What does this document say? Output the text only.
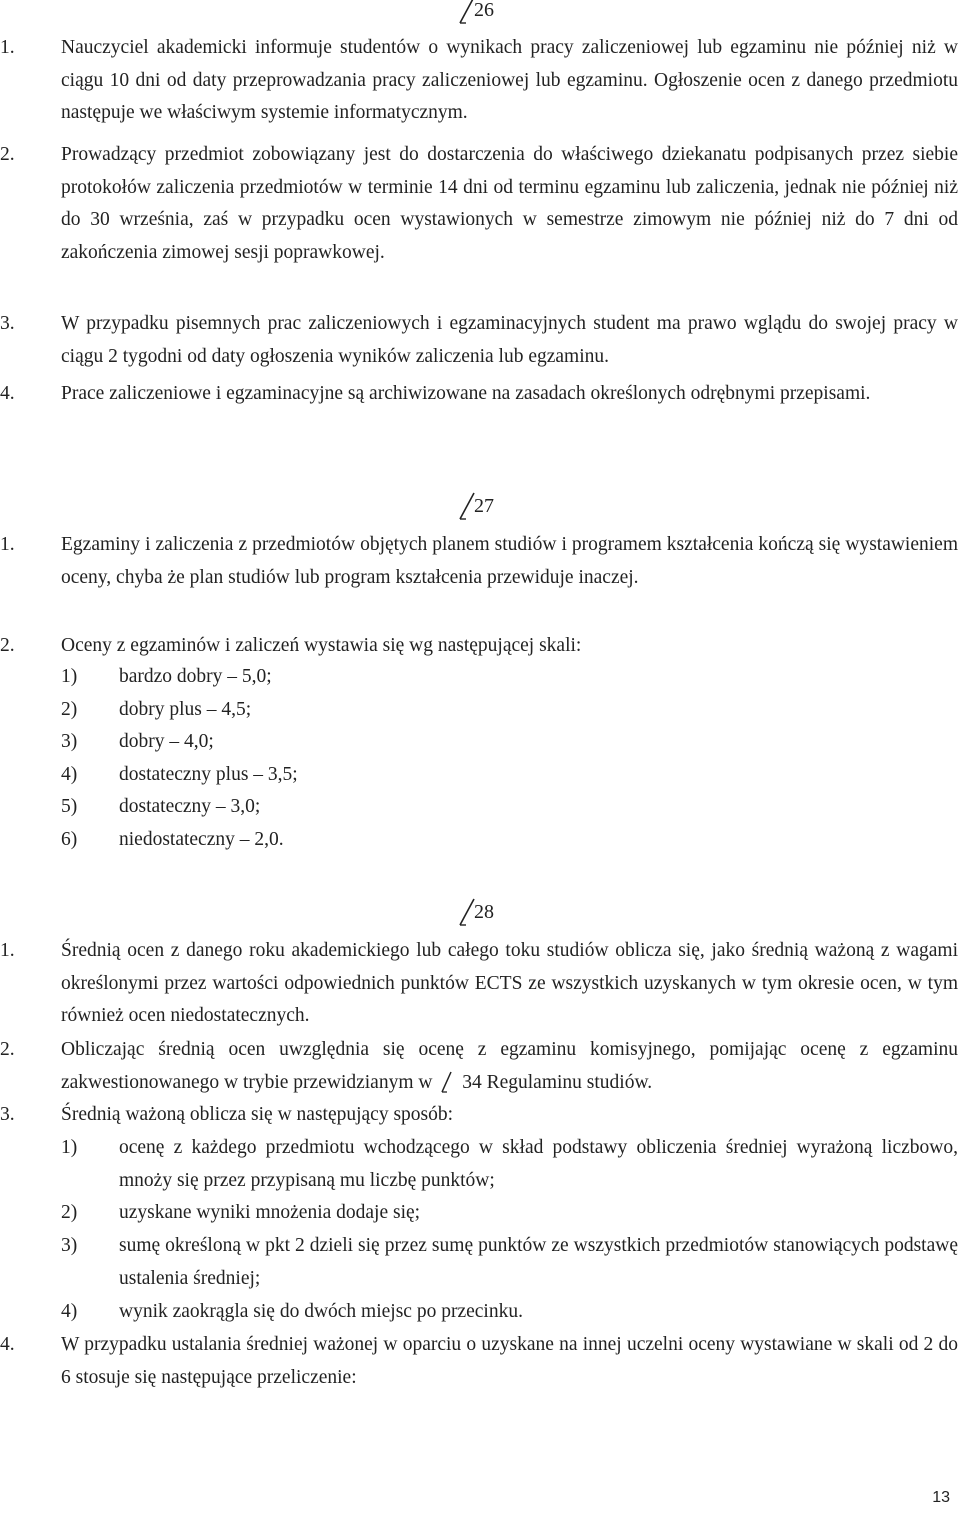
26
1. Nauczyciel akademicki informuje studentów o wynikach pracy zaliczeniowej lub egzaminu nie później niż w ciągu 10 dni od daty przeprowadzania pracy zaliczeniowej lub egzaminu. Ogłoszenie ocen z danego przedmiotu następuje we właściwym systemie informatycznym.
2. Prowadzący przedmiot zobowiązany jest do dostarczenia do właściwego dziekanatu podpisanych przez siebie protokołów zaliczenia przedmiotów w terminie 14 dni od terminu egzaminu lub zaliczenia, jednak nie później niż do 30 września, zaś w przypadku ocen wystawionych w semestrze zimowym nie później niż do 7 dni od zakończenia zimowej sesji poprawkowej.
3. W przypadku pisemnych prac zaliczeniowych i egzaminacyjnych student ma prawo wglądu do swojej pracy w ciągu 2 tygodni od daty ogłoszenia wyników zaliczenia lub egzaminu.
4. Prace zaliczeniowe i egzaminacyjne są archiwizowane na zasadach określonych odrębnymi przepisami.
27
1. Egzaminy i zaliczenia z przedmiotów objętych planem studiów i programem kształcenia kończą się wystawieniem oceny, chyba że plan studiów lub program kształcenia przewiduje inaczej.
2. Oceny z egzaminów i zaliczeń wystawia się wg następującej skali:
1) bardzo dobry – 5,0;
2) dobry plus – 4,5;
3) dobry – 4,0;
4) dostateczny plus – 3,5;
5) dostateczny – 3,0;
6) niedostateczny – 2,0.
28
1. Średnią ocen z danego roku akademickiego lub całego toku studiów oblicza się, jako średnią ważoną z wagami określonymi przez wartości odpowiednich punktów ECTS ze wszystkich uzyskanych w tym okresie ocen, w tym również ocen niedostatecznych.
2. Obliczając średnią ocen uwzględnia się ocenę z egzaminu komisyjnego, pomijając ocenę z egzaminu zakwestionowanego w trybie przewidzianym w 34 Regulaminu studiów.
3. Średnią ważoną oblicza się w następujący sposób:
1) ocenę z każdego przedmiotu wchodzącego w skład podstawy obliczenia średniej wyrażoną liczbowo, mnoży się przez przypisaną mu liczbę punktów;
2) uzyskane wyniki mnożenia dodaje się;
3) sumę określoną w pkt 2 dzieli się przez sumę punktów ze wszystkich przedmiotów stanowiących podstawę ustalenia średniej;
4) wynik zaokrągla się do dwóch miejsc po przecinku.
4. W przypadku ustalania średniej ważonej w oparciu o uzyskane na innej uczelni oceny wystawiane w skali od 2 do 6 stosuje się następujące przeliczenie:
13
